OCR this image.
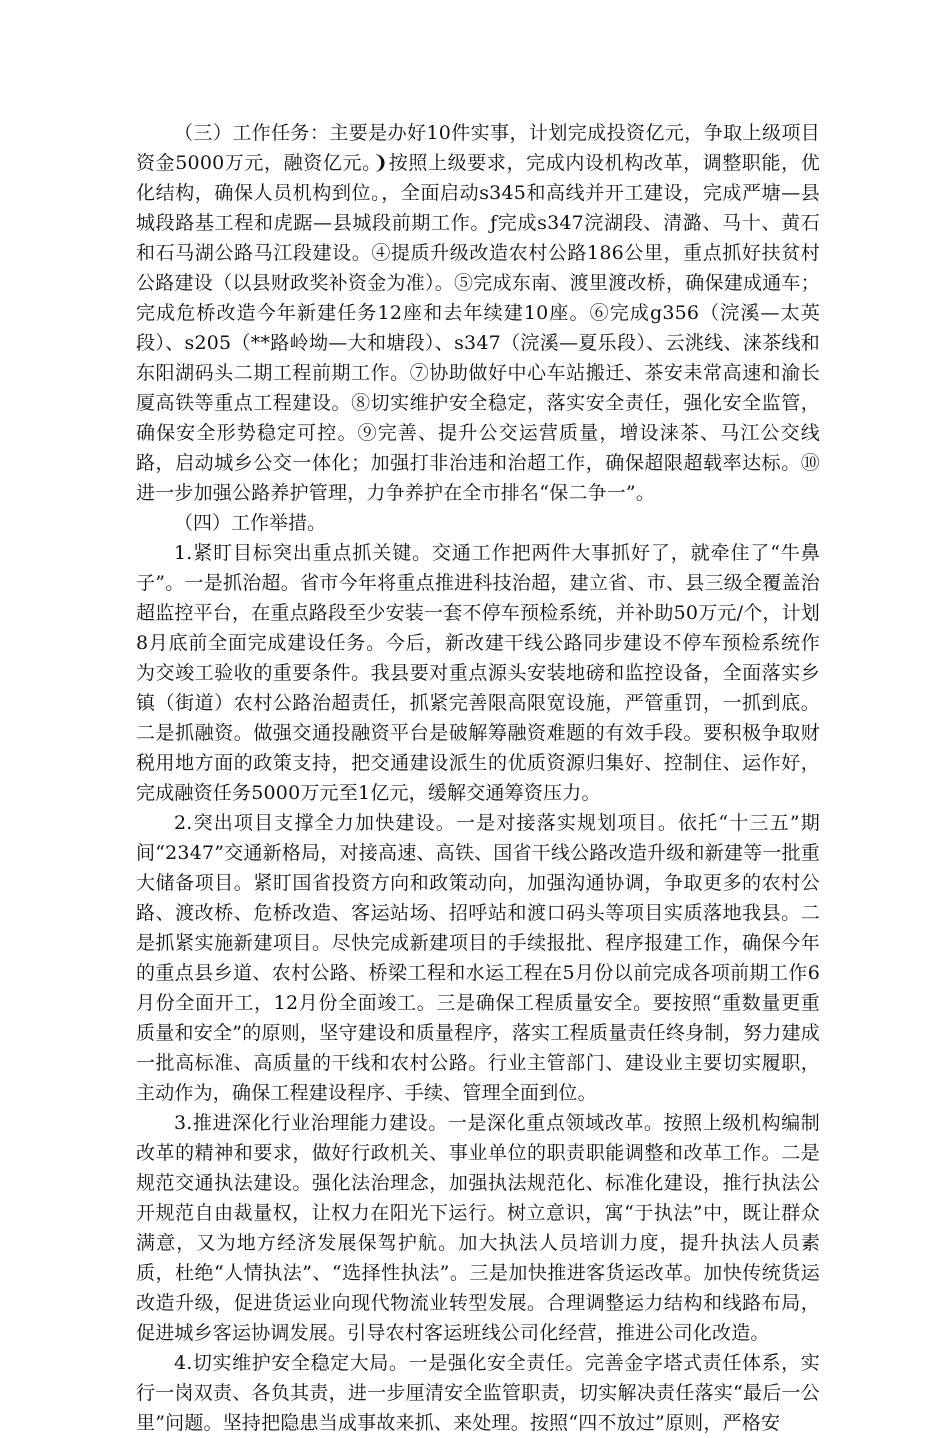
（三）工作任务：主要是办好10件实事，计划完成投资亿元，争取上级项目资金5000万元，融资亿元。❩按照上级要求，完成内设机构改革，调整职能，优化结构，确保人员机构到位。，全面启动s345和高线并开工建设，完成严塘—县城段路基工程和虎踞—县城段前期工作。ƒ完成s347浣湖段、清潞、马十、黄石和石马湖公路马江段建设。④提质升级改造农村公路186公里，重点抓好扶贫村公路建设（以县财政奖补资金为准）。⑤完成东南、渡里渡改桥，确保建成通车；完成危桥改造今年新建任务12座和去年续建10座。⑥完成g356（浣溪—太英段）、s205（**路岭坳—大和塘段）、s347（浣溪—夏乐段）、云洮线、涞茶线和东阳湖码头二期工程前期工作。⑦协助做好中心车站搬迁、茶安耒常高速和渝长厦高铁等重点工程建设。⑧切实维护安全稳定，落实安全责任，强化安全监管，确保安全形势稳定可控。⑨完善、提升公交运营质量，增设涞茶、马江公交线路，启动城乡公交一体化；加强打非治违和治超工作，确保超限超载率达标。⑩进一步加强公路养护管理，力争养护在全市排名“保二争一”。

（四）工作举措。

1.紧盯目标突出重点抓关键。交通工作把两件大事抓好了，就牵住了“牛鼻子”。一是抓治超。省市今年将重点推进科技治超，建立省、市、县三级全覆盖治超监控平台，在重点路段至少安装一套不停车预检系统，并补助50万元/个，计划8月底前全面完成建设任务。今后，新改建干线公路同步建设不停车预检系统作为交竣工验收的重要条件。我县要对重点源头安装地磅和监控设备，全面落实乡镇（街道）农村公路治超责任，抓紧完善限高限宽设施，严管重罚，一抓到底。二是抓融资。做强交通投融资平台是破解筹融资难题的有效手段。要积极争取财税用地方面的政策支持，把交通建设派生的优质资源归集好、控制住、运作好，完成融资任务5000万元至1亿元，缓解交通筹资压力。

2.突出项目支撑全力加快建设。一是对接落实规划项目。依托“十三五”期间“2347”交通新格局，对接高速、高铁、国省干线公路改造升级和新建等一批重大储备项目。紧盯国省投资方向和政策动向，加强沟通协调，争取更多的农村公路、渡改桥、危桥改造、客运站场、招呼站和渡口码头等项目实质落地我县。二是抓紧实施新建项目。尽快完成新建项目的手续报批、程序报建工作，确保今年的重点县乡道、农村公路、桥梁工程和水运工程在5月份以前完成各项前期工作6月份全面开工，12月份全面竣工。三是确保工程质量安全。要按照“重数量更重质量和安全”的原则，坚守建设和质量程序，落实工程质量责任终身制，努力建成一批高标准、高质量的干线和农村公路。行业主管部门、建设业主要切实履职，主动作为，确保工程建设程序、手续、管理全面到位。

3.推进深化行业治理能力建设。一是深化重点领域改革。按照上级机构编制改革的精神和要求，做好行政机关、事业单位的职责职能调整和改革工作。二是规范交通执法建设。强化法治理念，加强执法规范化、标准化建设，推行执法公开规范自由裁量权，让权力在阳光下运行。树立意识，寓“于执法”中，既让群众满意，又为地方经济发展保驾护航。加大执法人员培训力度，提升执法人员素质，杜绝“人情执法”、“选择性执法”。三是加快推进客货运改革。加快传统货运改造升级，促进货运业向现代物流业转型发展。合理调整运力结构和线路布局，促进城乡客运协调发展。引导农村客运班线公司化经营，推进公司化改造。

4.切实维护安全稳定大局。一是强化安全责任。完善金字塔式责任体系，实行一岗双责、各负其责，进一步厘清安全监管职责，切实解决责任落实“最后一公里”问题。坚持把隐患当成事故来抓、来处理。按照“四不放过”原则，严格安
